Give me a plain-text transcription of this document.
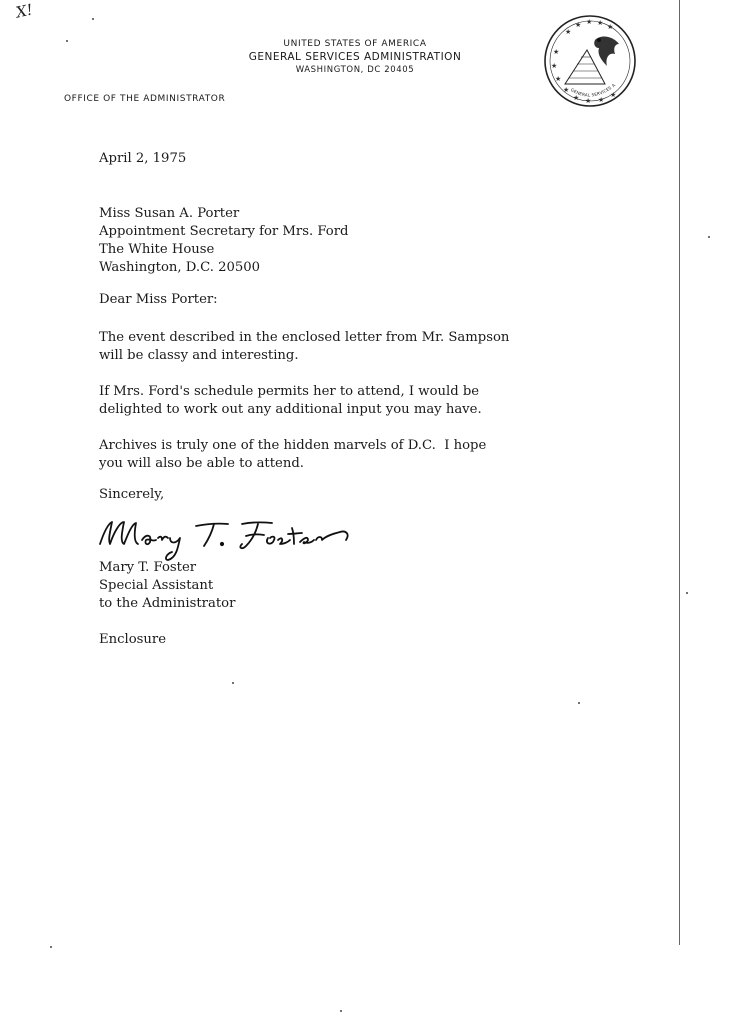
X!
UNITED STATES OF AMERICA
GENERAL SERVICES ADMINISTRATION
WASHINGTON, DC 20405
OFFICE OF THE ADMINISTRATOR
★
★ ★ ★ ★
★
★
★
★
★ ★ ★
★
GENERAL SERVICES A
April 2, 1975
Miss Susan A. Porter
Appointment Secretary for Mrs. Ford
The White House
Washington, D.C. 20500
Dear Miss Porter:
The event described in the enclosed letter from Mr. Sampson
will be classy and interesting.
If Mrs. Ford's schedule permits her to attend, I would be
delighted to work out any additional input you may have.
Archives is truly one of the hidden marvels of D.C.  I hope
you will also be able to attend.
Sincerely,
Mary T. Foster
Special Assistant
to the Administrator
Enclosure
